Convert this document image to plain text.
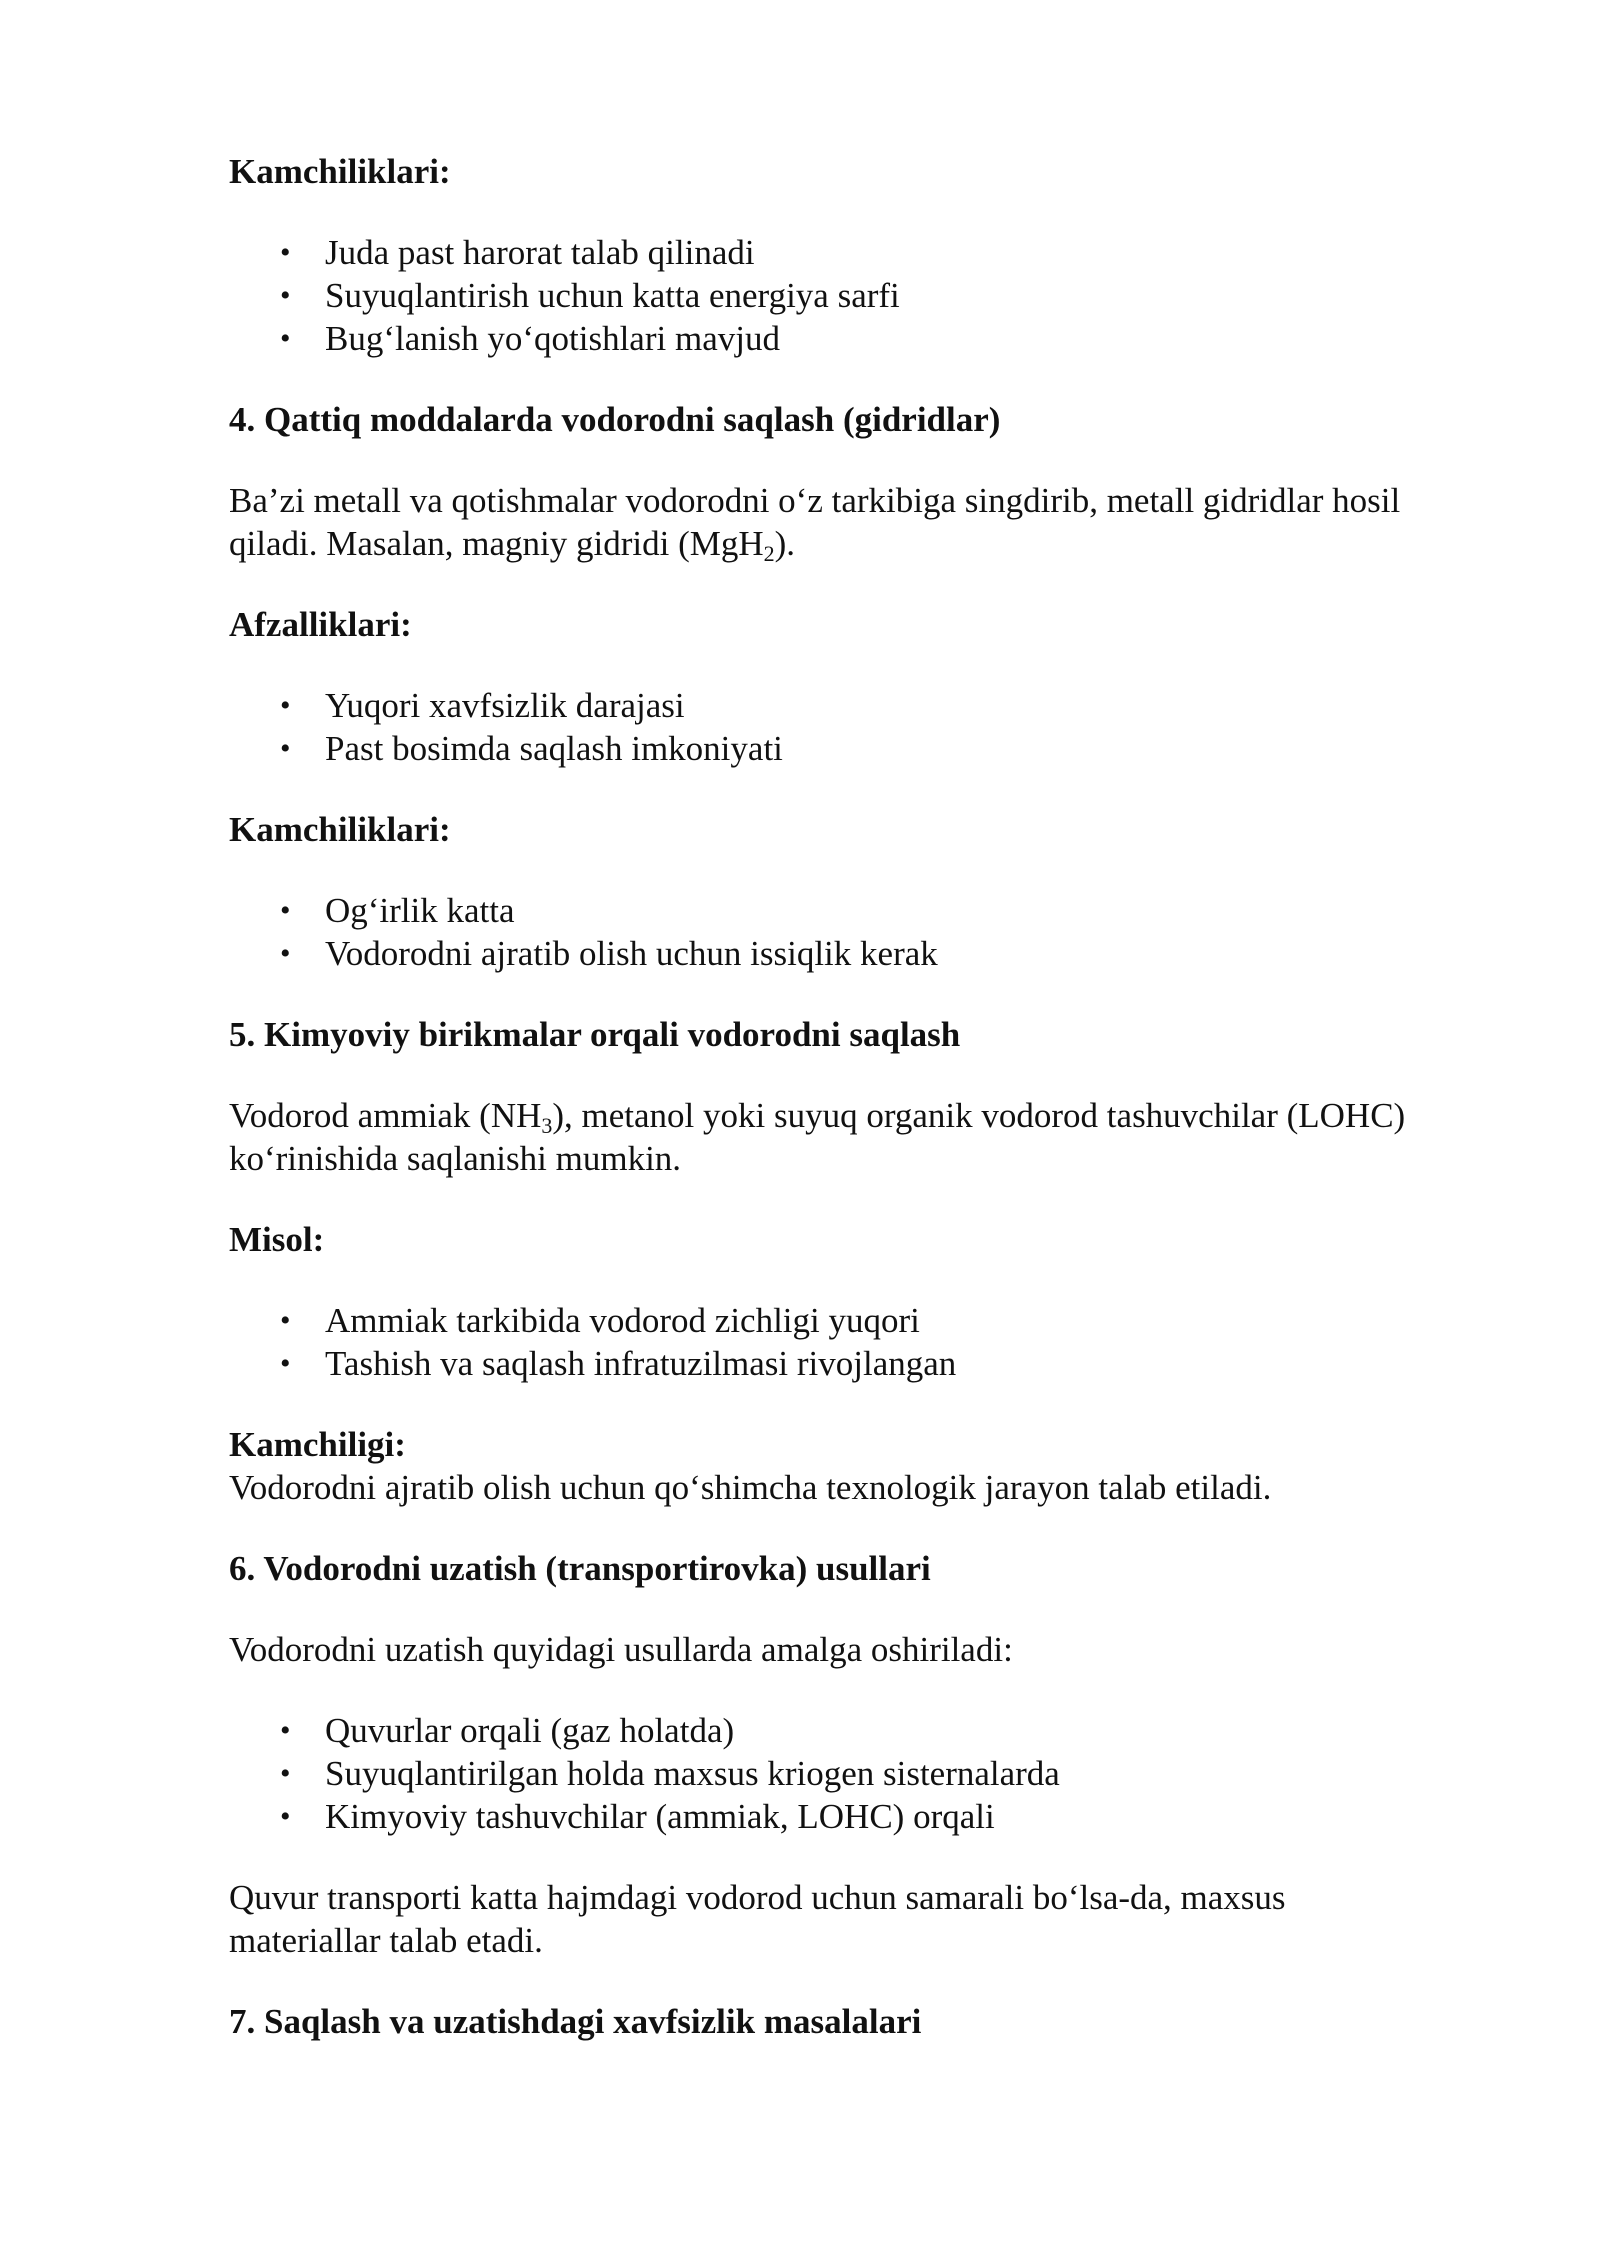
Kamchiliklari:
• Juda past harorat talab qilinadi
• Suyuqlantirish uchun katta energiya sarfi
• Bug‘lanish yo‘qotishlari mavjud
4. Qattiq moddalarda vodorodni saqlash (gidridlar)
Ba’zi metall va qotishmalar vodorodni o‘z tarkibiga singdirib, metall gidridlar hosil qiladi. Masalan, magniy gidridi (MgH$_2$).
Afzalliklari:
• Yuqori xavfsizlik darajasi
• Past bosimda saqlash imkoniyati
Kamchiliklari:
• Og‘irlik katta
• Vodorodni ajratib olish uchun issiqlik kerak
5. Kimyoviy birikmalar orqali vodorodni saqlash
Vodorod ammiak $(NH_3)$, metanol yoki suyuq organik vodorod tashuvchilar (LOHC) ko‘rinishida saqlanishi mumkin.
Misol:
• Ammiak tarkibida vodorod zichligi yuqori
• Tashish va saqlash infratuzilmasi rivojlangan
Kamchiligi:
Vodorodni ajratib olish uchun qo‘shimcha texnologik jarayon talab etiladi.
6. Vodorodni uzatish (transportirovka) usullari
Vodorodni uzatish quyidagi usullarda amalga oshiriladi:
• Quvurlar orqali (gaz holatda)
• Suyuqlantirilgan holda maxsus kriogen sisternalarda
• Kimyoviy tashuvchilar (ammiak, LOHC) orqali
Quvur transporti katta hajmdagi vodorod uchun samarali bo‘lsa-da, maxsus materiallar talab etadi.
7. Saqlash va uzatishdagi xavfsizlik masalalari
